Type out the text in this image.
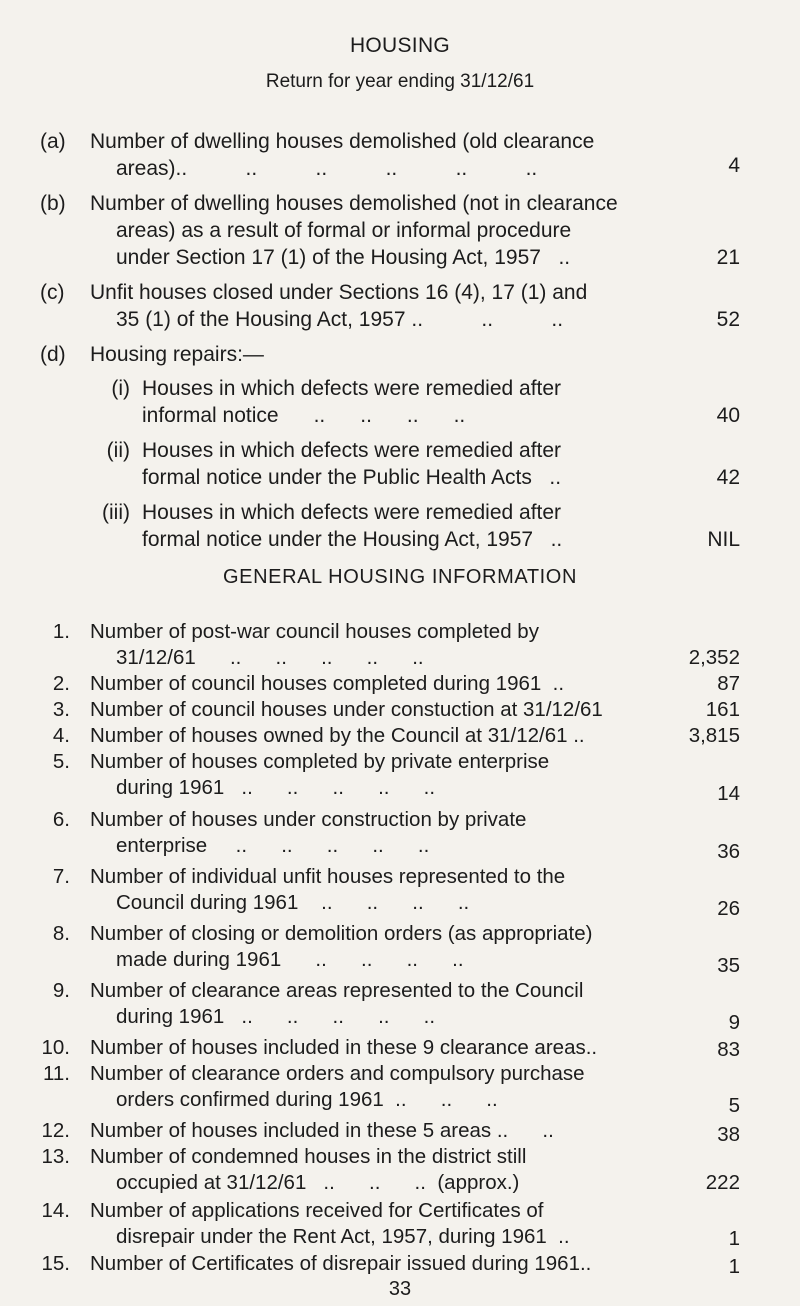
HOUSING
Return for year ending 31/12/61
(a)	Number of dwelling houses demolished (old clearance
areas)..          ..          ..          ..          ..          ..	4
(b)	Number of dwelling houses demolished (not in clearance
areas) as a result of formal or informal procedure
under Section 17 (1) of the Housing Act, 1957   ..	21
(c)	Unfit houses closed under Sections 16 (4), 17 (1) and
35 (1) of the Housing Act, 1957 ..          ..          ..	52
(d)	Housing repairs:—
(i) Houses in which defects were remedied after
informal notice      ..      ..      ..      ..	40
(ii) Houses in which defects were remedied after
formal notice under the Public Health Acts   ..	42
(iii) Houses in which defects were remedied after
formal notice under the Housing Act, 1957   ..	NIL
GENERAL HOUSING INFORMATION
1. Number of post-war council houses completed by
31/12/61      ..      ..      ..      ..      ..	2,352
2. Number of council houses completed during 1961  ..	87
3. Number of council houses under constuction at 31/12/61	161
4. Number of houses owned by the Council at 31/12/61 ..	3,815
5. Number of houses completed by private enterprise
during 1961   ..      ..      ..      ..      ..	14
6. Number of houses under construction by private
enterprise     ..      ..      ..      ..      ..	36
7. Number of individual unfit houses represented to the
Council during 1961    ..      ..      ..      ..	26
8. Number of closing or demolition orders (as appropriate)
made during 1961      ..      ..      ..      ..	35
9. Number of clearance areas represented to the Council
during 1961   ..      ..      ..      ..      ..	9
10. Number of houses included in these 9 clearance areas..	83
11. Number of clearance orders and compulsory purchase
orders confirmed during 1961  ..      ..      ..	5
12. Number of houses included in these 5 areas ..      ..	38
13. Number of condemned houses in the district still
occupied at 31/12/61   ..      ..      ..  (approx.)	222
14. Number of applications received for Certificates of
disrepair under the Rent Act, 1957, during 1961  ..	1
15. Number of Certificates of disrepair issued during 1961..	1
33
